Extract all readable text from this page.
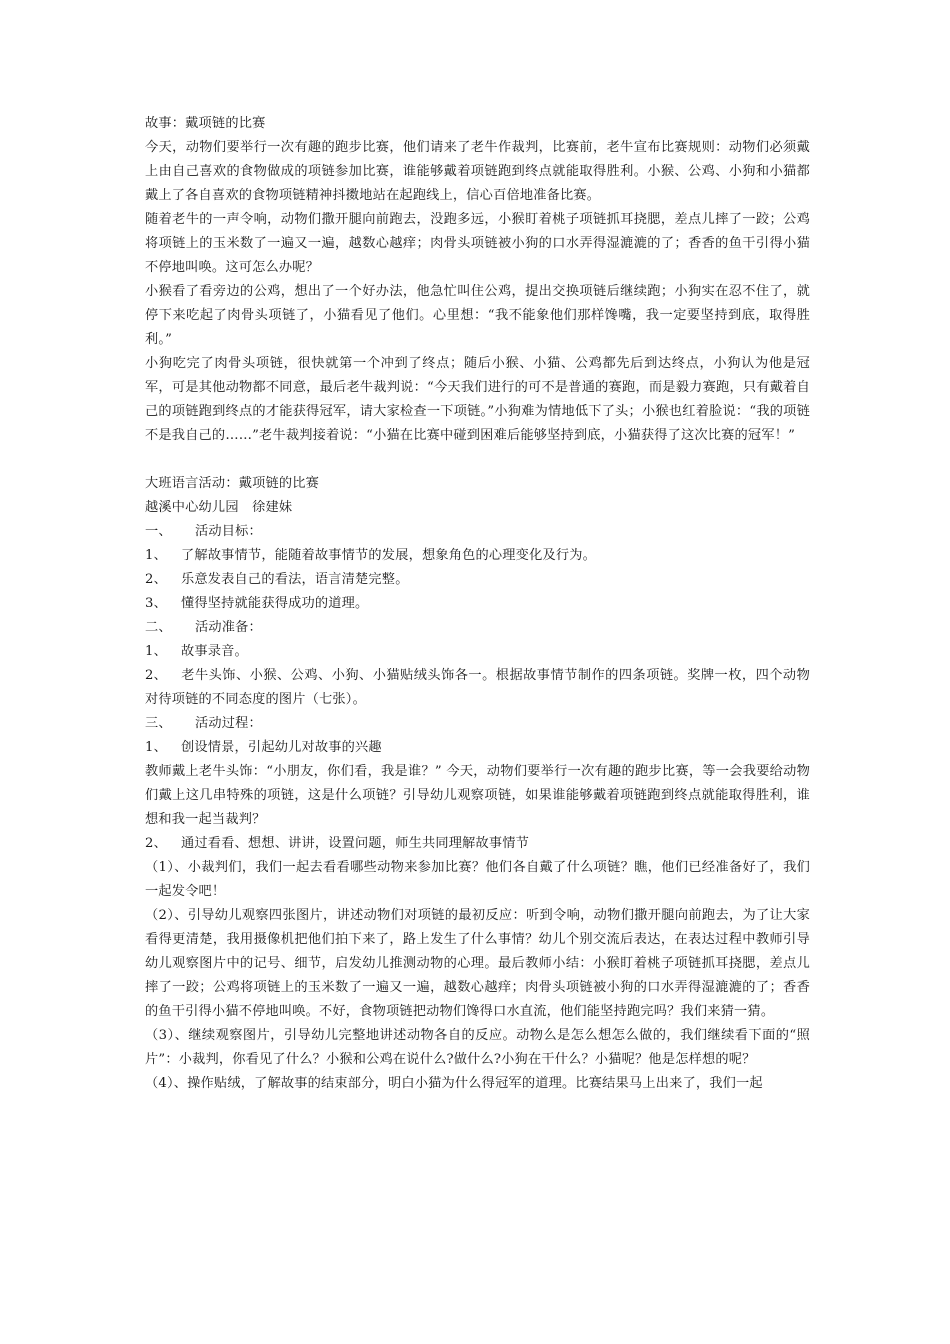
故事：戴项链的比赛

今天，动物们要举行一次有趣的跑步比赛，他们请来了老牛作裁判，比赛前，老牛宣布比赛规则：动物们必须戴上由自己喜欢的食物做成的项链参加比赛，谁能够戴着项链跑到终点就能取得胜利。小猴、公鸡、小狗和小猫都戴上了各自喜欢的食物项链精神抖擞地站在起跑线上，信心百倍地准备比赛。

随着老牛的一声令响，动物们撒开腿向前跑去，没跑多远，小猴盯着桃子项链抓耳挠腮，差点儿摔了一跤；公鸡将项链上的玉米数了一遍又一遍，越数心越痒；肉骨头项链被小狗的口水弄得湿漉漉的了；香香的鱼干引得小猫不停地叫唤。这可怎么办呢？

小猴看了看旁边的公鸡，想出了一个好办法，他急忙叫住公鸡，提出交换项链后继续跑；小狗实在忍不住了，就停下来吃起了肉骨头项链了，小猫看见了他们。心里想：“我不能象他们那样馋嘴，我一定要坚持到底，取得胜利。”

小狗吃完了肉骨头项链，很快就第一个冲到了终点；随后小猴、小猫、公鸡都先后到达终点，小狗认为他是冠军，可是其他动物都不同意，最后老牛裁判说：“今天我们进行的可不是普通的赛跑，而是毅力赛跑，只有戴着自己的项链跑到终点的才能获得冠军，请大家检查一下项链。”小狗难为情地低下了头；小猴也红着脸说：“我的项链不是我自己的……”老牛裁判接着说：“小猫在比赛中碰到困难后能够坚持到底，小猫获得了这次比赛的冠军！”

大班语言活动：戴项链的比赛

越溪中心幼儿园　徐建妹

一、 活动目标：

1、 了解故事情节，能随着故事情节的发展，想象角色的心理变化及行为。

2、 乐意发表自己的看法，语言清楚完整。

3、 懂得坚持就能获得成功的道理。

二、 活动准备：

1、 故事录音。

2、 老牛头饰、小猴、公鸡、小狗、小猫贴绒头饰各一。根据故事情节制作的四条项链。奖牌一枚，四个动物对待项链的不同态度的图片（七张）。

三、 活动过程：

1、 创设情景，引起幼儿对故事的兴趣

教师戴上老牛头饰：“小朋友，你们看，我是谁？” 今天，动物们要举行一次有趣的跑步比赛，等一会我要给动物们戴上这几串特殊的项链，这是什么项链？引导幼儿观察项链，如果谁能够戴着项链跑到终点就能取得胜利，谁想和我一起当裁判？

2、 通过看看、想想、讲讲，设置问题，师生共同理解故事情节

（1）、小裁判们，我们一起去看看哪些动物来参加比赛？他们各自戴了什么项链？瞧，他们已经准备好了，我们一起发令吧！

（2）、引导幼儿观察四张图片，讲述动物们对项链的最初反应：听到令响，动物们撒开腿向前跑去，为了让大家看得更清楚，我用摄像机把他们拍下来了，路上发生了什么事情？幼儿个别交流后表达，在表达过程中教师引导幼儿观察图片中的记号、细节，启发幼儿推测动物的心理。最后教师小结：小猴盯着桃子项链抓耳挠腮，差点儿摔了一跤；公鸡将项链上的玉米数了一遍又一遍，越数心越痒；肉骨头项链被小狗的口水弄得湿漉漉的了；香香的鱼干引得小猫不停地叫唤。不好，食物项链把动物们馋得口水直流，他们能坚持跑完吗？我们来猜一猜。

（3）、继续观察图片，引导幼儿完整地讲述动物各自的反应。动物么是怎么想怎么做的，我们继续看下面的“照片”：小裁判，你看见了什么？小猴和公鸡在说什么?做什么?小狗在干什么？小猫呢？他是怎样想的呢？

（4）、操作贴绒，了解故事的结束部分，明白小猫为什么得冠军的道理。比赛结果马上出来了，我们一起
